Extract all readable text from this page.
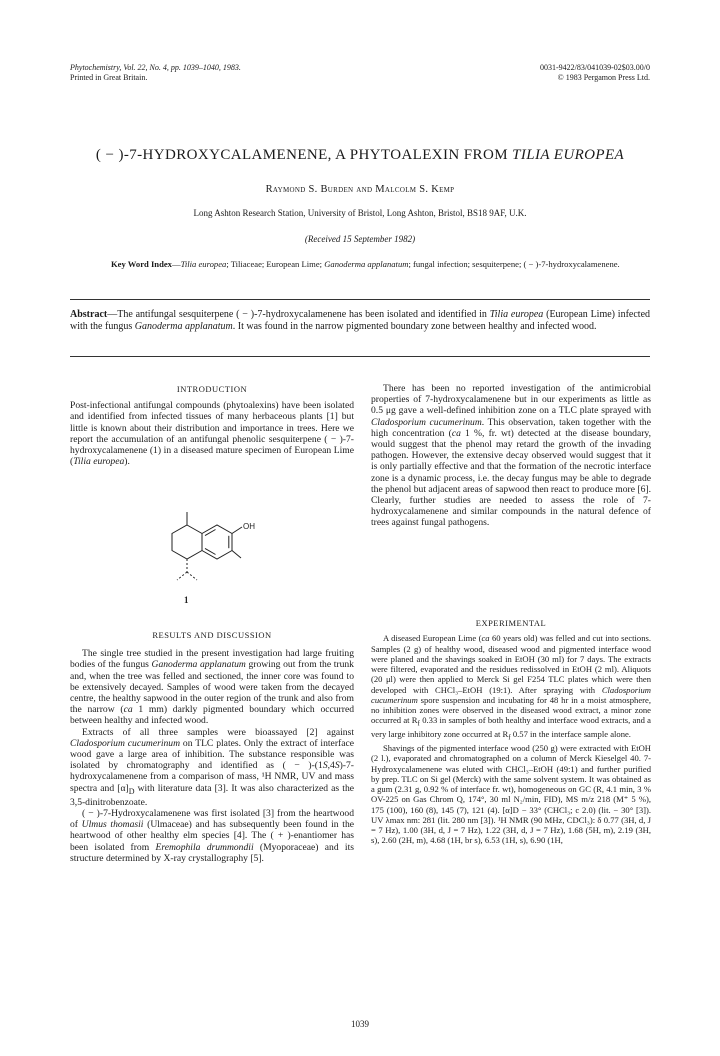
Phytochemistry, Vol. 22, No. 4, pp. 1039–1040, 1983.
Printed in Great Britain.
0031-9422/83/041039-02$03.00/0
© 1983 Pergamon Press Ltd.
( − )-7-HYDROXYCALAMENENE, A PHYTOALEXIN FROM TILIA EUROPEA
Raymond S. Burden and Malcolm S. Kemp
Long Ashton Research Station, University of Bristol, Long Ashton, Bristol, BS18 9AF, U.K.
(Received 15 September 1982)
Key Word Index—Tilia europea; Tiliaceae; European Lime; Ganoderma applanatum; fungal infection; sesquiterpene; ( − )-7-hydroxycalamenene.
Abstract—The antifungal sesquiterpene ( − )-7-hydroxycalamenene has been isolated and identified in Tilia europea (European Lime) infected with the fungus Ganoderma applanatum. It was found in the narrow pigmented boundary zone between healthy and infected wood.
INTRODUCTION

Post-infectional antifungal compounds (phytoalexins) have been isolated and identified from infected tissues of many herbaceous plants [1] but little is known about their distribution and importance in trees. Here we report the accumulation of an antifungal phenolic sesquiterpene ( − )-7-hydroxycalamenene (1) in a diseased mature specimen of European Lime (Tilia europea).

OH
1
RESULTS AND DISCUSSION

The single tree studied in the present investigation had large fruiting bodies of the fungus Ganoderma applanatum growing out from the trunk and, when the tree was felled and sectioned, the inner core was found to be extensively decayed. Samples of wood were taken from the decayed centre, the healthy sapwood in the outer region of the trunk and also from the narrow (ca 1 mm) darkly pigmented boundary which occurred between healthy and infected wood.

Extracts of all three samples were bioassayed [2] against Cladosporium cucumerinum on TLC plates. Only the extract of interface wood gave a large area of inhibition. The substance responsible was isolated by chromatography and identified as ( − )-(1S,4S)-7-hydroxycalamenene from a comparison of mass, ¹H NMR, UV and mass spectra and $[\alpha]_D$ with literature data [3]. It was also characterized as the 3,5-dinitrobenzoate.

( − )-7-Hydroxycalamenene was first isolated [3] from the heartwood of Ulmus thomasii (Ulmaceae) and has subsequently been found in the heartwood of other healthy elm species [4]. The ( + )-enantiomer has been isolated from Eremophila drummondii (Myoporaceae) and its structure determined by X-ray crystallography [5].

There has been no reported investigation of the antimicrobial properties of 7-hydroxycalamenene but in our experiments as little as 0.5 μg gave a well-defined inhibition zone on a TLC plate sprayed with Cladosporium cucumerinum. This observation, taken together with the high concentration (ca 1 %, fr. wt) detected at the disease boundary, would suggest that the phenol may retard the growth of the invading pathogen. However, the extensive decay observed would suggest that it is only partially effective and that the formation of the necrotic interface zone is a dynamic process, i.e. the decay fungus may be able to degrade the phenol but adjacent areas of sapwood then react to produce more [6]. Clearly, further studies are needed to assess the role of 7-hydroxycalamenene and similar compounds in the natural defence of trees against fungal pathogens.

EXPERIMENTAL

A diseased European Lime (ca 60 years old) was felled and cut into sections. Samples (2 g) of healthy wood, diseased wood and pigmented interface wood were planed and the shavings soaked in EtOH (30 ml) for 7 days. The extracts were filtered, evaporated and the residues redissolved in EtOH (2 ml). Aliquots (20 μl) were then applied to Merck Si gel F254 TLC plates which were then developed with CHCl₃–EtOH (19:1). After spraying with Cladosporium cucumerinum spore suspension and incubating for 48 hr in a moist atmosphere, no inhibition zones were observed in the diseased wood extract, a minor zone occurred at $R_f$ 0.33 in samples of both healthy and interface wood extracts, and a very large inhibitory zone occurred at $R_f$ 0.57 in the interface sample alone.

Shavings of the pigmented interface wood (250 g) were extracted with EtOH (2 l.), evaporated and chromatographed on a column of Merck Kieselgel 40. 7-Hydroxycalamenene was eluted with CHCl₃–EtOH (49:1) and further purified by prep. TLC on Si gel (Merck) with the same solvent system. It was obtained as a gum (2.31 g, 0.92 % of interface fr. wt), homogeneous on GC (R, 4.1 min, 3 % OV-225 on Gas Chrom Q, 174°, 30 ml N₂/min, FID), MS m/z 218 (M⁺ 5 %), 175 (100), 160 (8), 145 (7), 121 (4). [α]D − 33° (CHCl₃; c 2.0) (lit. − 30° [3]). UV λmax nm: 281 (lit. 280 nm [3]). ¹H NMR (90 MHz, CDCl₃): δ 0.77 (3H, d, J = 7 Hz), 1.00 (3H, d, J = 7 Hz), 1.22 (3H, d, J = 7 Hz), 1.68 (5H, m), 2.19 (3H, s), 2.60 (2H, m), 4.68 (1H, br s), 6.53 (1H, s), 6.90 (1H,

1039
